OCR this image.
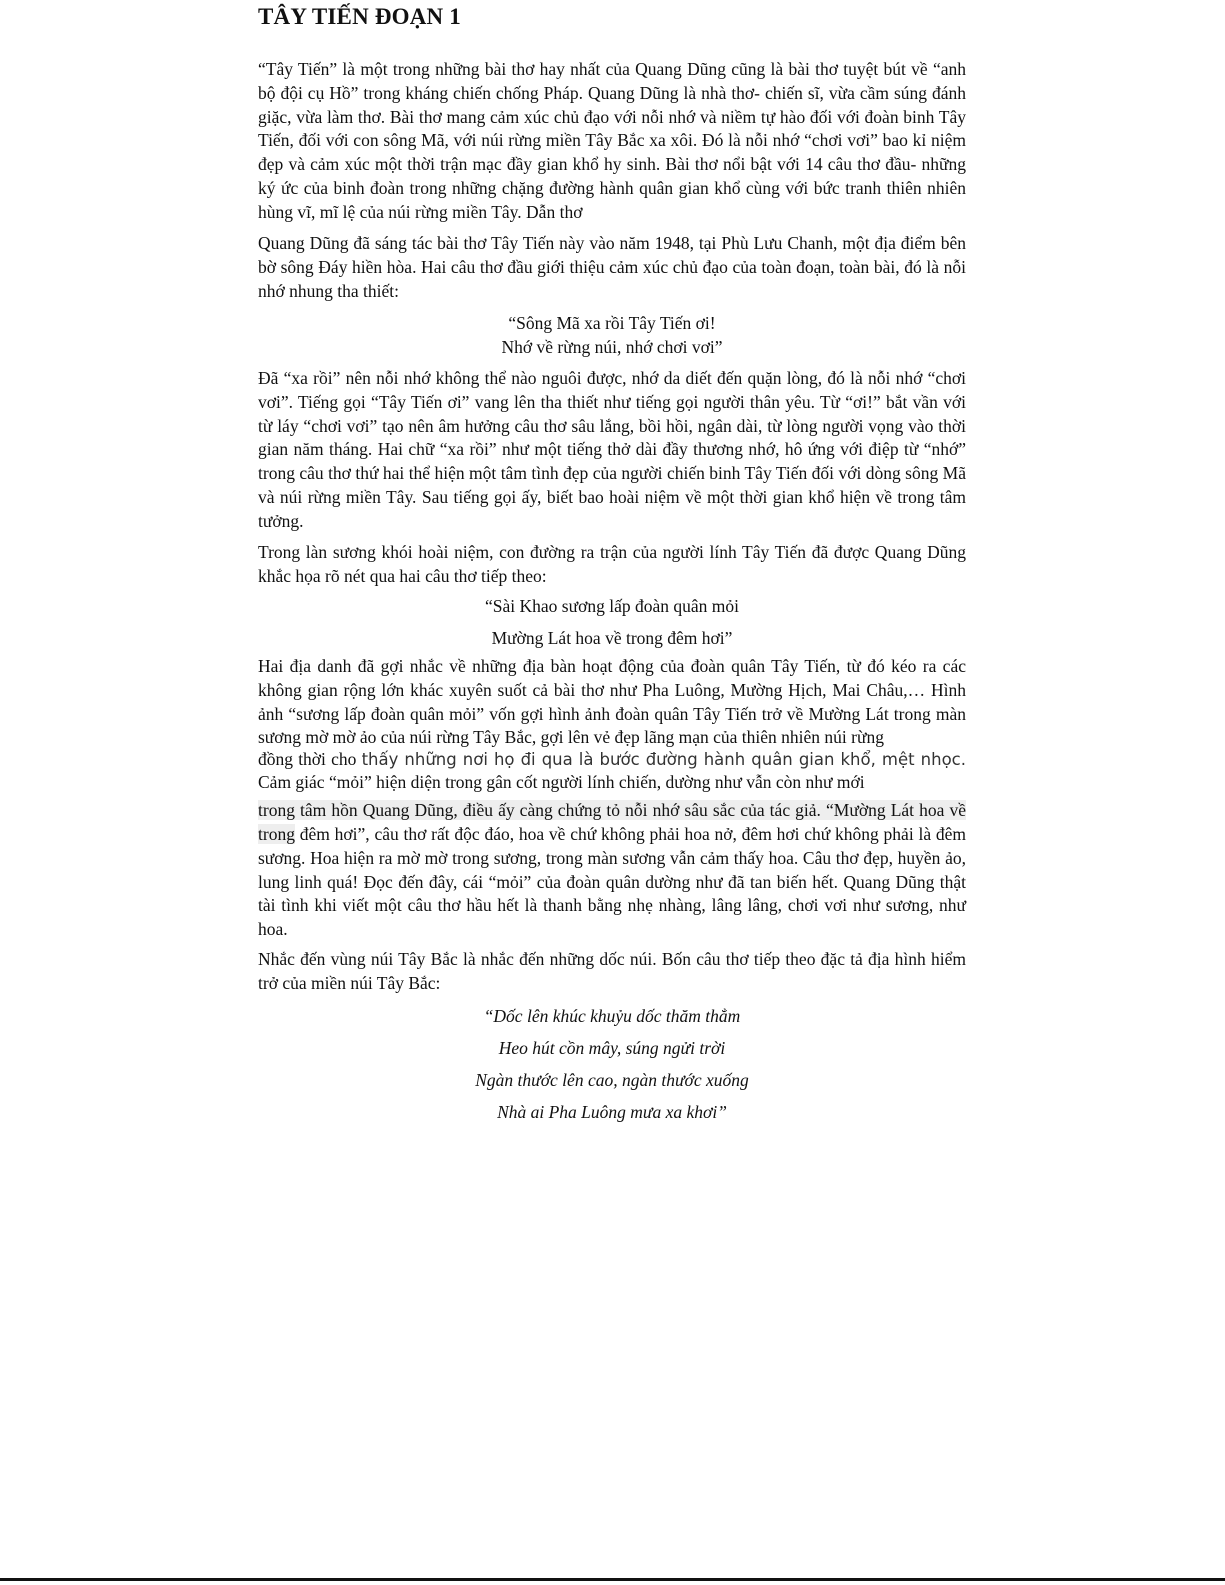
TÂY TIẾN ĐOẠN 1

“Tây Tiến” là một trong những bài thơ hay nhất của Quang Dũng cũng là bài thơ tuyệt bút về “anh bộ đội cụ Hồ” trong kháng chiến chống Pháp. Quang Dũng là nhà thơ- chiến sĩ, vừa cầm súng đánh giặc, vừa làm thơ. Bài thơ mang cảm xúc chủ đạo với nỗi nhớ và niềm tự hào đối với đoàn binh Tây Tiến, đối với con sông Mã, với núi rừng miền Tây Bắc xa xôi. Đó là nỗi nhớ “chơi vơi” bao kỉ niệm đẹp và cảm xúc một thời trận mạc đầy gian khổ hy sinh. Bài thơ nổi bật với 14 câu thơ đầu- những ký ức của binh đoàn trong những chặng đường hành quân gian khổ cùng với bức tranh thiên nhiên hùng vĩ, mĩ lệ của núi rừng miền Tây. Dẫn thơ

Quang Dũng đã sáng tác bài thơ Tây Tiến này vào năm 1948, tại Phù Lưu Chanh, một địa điểm bên bờ sông Đáy hiền hòa. Hai câu thơ đầu giới thiệu cảm xúc chủ đạo của toàn đoạn, toàn bài, đó là nỗi nhớ nhung tha thiết:

“Sông Mã xa rồi Tây Tiến ơi!

Nhớ về rừng núi, nhớ chơi vơi”

Đã “xa rồi” nên nỗi nhớ không thể nào nguôi được, nhớ da diết đến quặn lòng, đó là nỗi nhớ “chơi vơi”. Tiếng gọi “Tây Tiến ơi” vang lên tha thiết như tiếng gọi người thân yêu. Từ “ơi!” bắt vần với từ láy “chơi vơi” tạo nên âm hưởng câu thơ sâu lắng, bồi hồi, ngân dài, từ lòng người vọng vào thời gian năm tháng. Hai chữ “xa rồi” như một tiếng thở dài đầy thương nhớ, hô ứng với điệp từ “nhớ” trong câu thơ thứ hai thể hiện một tâm tình đẹp của người chiến binh Tây Tiến đối với dòng sông Mã và núi rừng miền Tây. Sau tiếng gọi ấy, biết bao hoài niệm về một thời gian khổ hiện về trong tâm tưởng.

Trong làn sương khói hoài niệm, con đường ra trận của người lính Tây Tiến đã được Quang Dũng khắc họa rõ nét qua hai câu thơ tiếp theo:

“Sài Khao sương lấp đoàn quân mỏi

Mường Lát hoa về trong đêm hơi”

Hai địa danh đã gợi nhắc về những địa bàn hoạt động của đoàn quân Tây Tiến, từ đó kéo ra các không gian rộng lớn khác xuyên suốt cả bài thơ như Pha Luông, Mường Hịch, Mai Châu,… Hình ảnh “sương lấp đoàn quân mỏi” vốn gợi hình ảnh đoàn quân Tây Tiến trở về Mường Lát trong màn sương mờ mờ ảo của núi rừng Tây Bắc, gợi lên vẻ đẹp lãng mạn của thiên nhiên núi rừng

đồng thời cho thấy những nơi họ đi qua là bước đường hành quân gian khổ, mệt nhọc. Cảm giác “mỏi” hiện diện trong gân cốt người lính chiến, dường như vẫn còn như mới

trong tâm hồn Quang Dũng, điều ấy càng chứng tỏ nỗi nhớ sâu sắc của tác giả. “Mường Lát hoa về trong đêm hơi”, câu thơ rất độc đáo, hoa về chứ không phải hoa nở, đêm hơi chứ không phải là đêm sương. Hoa hiện ra mờ mờ trong sương, trong màn sương vẫn cảm thấy hoa. Câu thơ đẹp, huyền ảo, lung linh quá! Đọc đến đây, cái “mỏi” của đoàn quân dường như đã tan biến hết. Quang Dũng thật tài tình khi viết một câu thơ hầu hết là thanh bằng nhẹ nhàng, lâng lâng, chơi vơi như sương, như hoa.

Nhắc đến vùng núi Tây Bắc là nhắc đến những dốc núi. Bốn câu thơ tiếp theo đặc tả địa hình hiểm trở của miền núi Tây Bắc:

“Dốc lên khúc khuỷu dốc thăm thẳm

Heo hút cồn mây, súng ngửi trời

Ngàn thước lên cao, ngàn thước xuống

Nhà ai Pha Luông mưa xa khơi”
